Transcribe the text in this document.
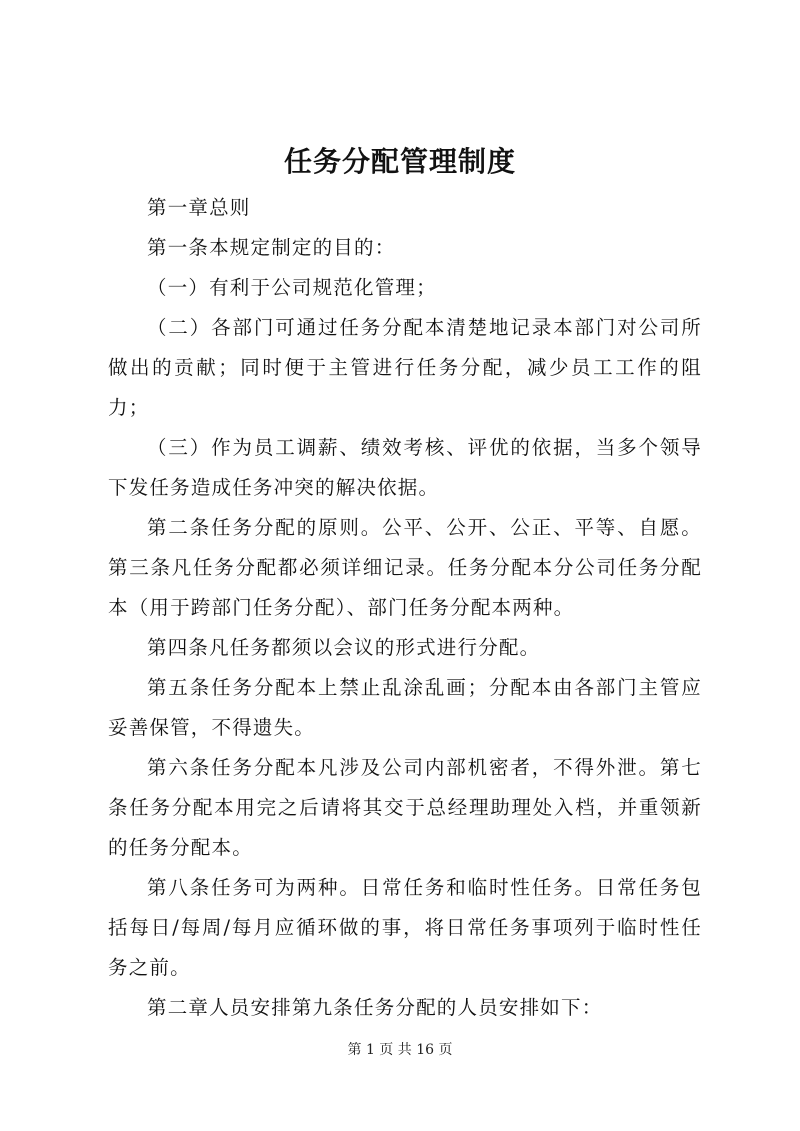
任务分配管理制度

第一章总则

第一条本规定制定的目的：

（一）有利于公司规范化管理；

（二）各部门可通过任务分配本清楚地记录本部门对公司所做出的贡献；同时便于主管进行任务分配，减少员工工作的阻力；

（三）作为员工调薪、绩效考核、评优的依据，当多个领导下发任务造成任务冲突的解决依据。

第二条任务分配的原则。公平、公开、公正、平等、自愿。第三条凡任务分配都必须详细记录。任务分配本分公司任务分配本（用于跨部门任务分配）、部门任务分配本两种。

第四条凡任务都须以会议的形式进行分配。

第五条任务分配本上禁止乱涂乱画；分配本由各部门主管应妥善保管，不得遗失。

第六条任务分配本凡涉及公司内部机密者，不得外泄。第七条任务分配本用完之后请将其交于总经理助理处入档，并重领新的任务分配本。

第八条任务可为两种。日常任务和临时性任务。日常任务包括每日/每周/每月应循环做的事，将日常任务事项列于临时性任务之前。

第二章人员安排第九条任务分配的人员安排如下：

第 1 页 共 16 页
